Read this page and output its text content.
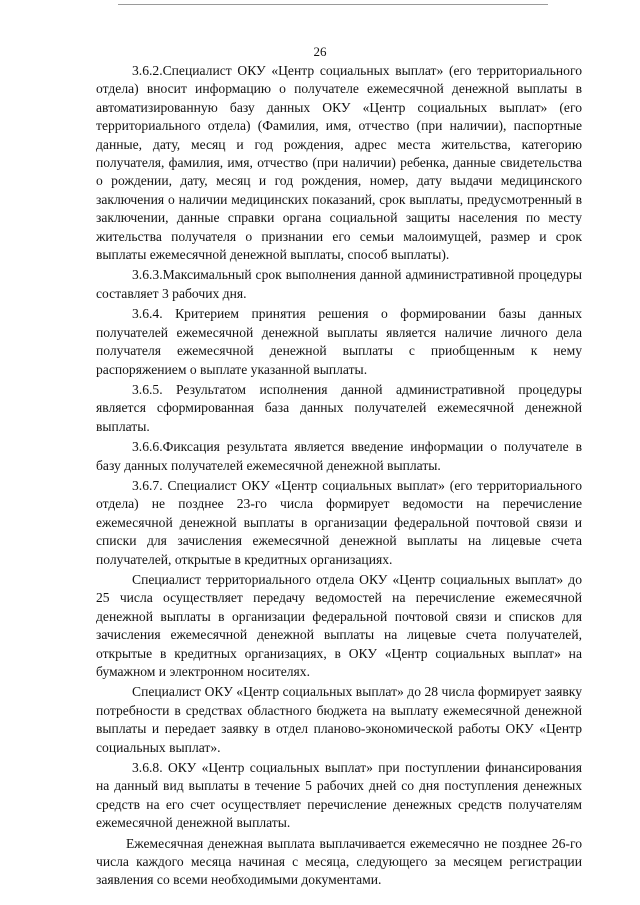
26

3.6.2.Специалист ОКУ «Центр социальных выплат» (его территориального отдела) вносит информацию о получателе ежемесячной денежной выплаты в автоматизированную базу данных ОКУ «Центр социальных выплат» (его территориального отдела) (Фамилия, имя, отчество (при наличии), паспортные данные, дату, месяц и год рождения, адрес места жительства, категорию получателя, фамилия, имя, отчество (при наличии) ребенка, данные свидетельства о рождении, дату, месяц и год рождения, номер, дату выдачи медицинского заключения о наличии медицинских показаний, срок выплаты, предусмотренный в заключении, данные справки органа социальной защиты населения по месту жительства получателя о признании его семьи малоимущей, размер и срок выплаты ежемесячной денежной выплаты, способ выплаты).

3.6.3.Максимальный срок выполнения данной административной процедуры составляет 3 рабочих дня.

3.6.4. Критерием принятия решения о формировании базы данных получателей ежемесячной денежной выплаты является наличие личного дела получателя ежемесячной денежной выплаты с приобщенным к нему распоряжением о выплате указанной выплаты.

3.6.5. Результатом исполнения данной административной процедуры является сформированная база данных получателей ежемесячной денежной выплаты.

3.6.6.Фиксация результата является введение информации о получателе в базу данных получателей ежемесячной денежной выплаты.

3.6.7. Специалист ОКУ «Центр социальных выплат» (его территориального отдела) не позднее 23-го числа формирует ведомости на перечисление ежемесячной денежной выплаты в организации федеральной почтовой связи и списки для зачисления ежемесячной денежной выплаты на лицевые счета получателей, открытые в кредитных организациях.

Специалист территориального отдела ОКУ «Центр социальных выплат» до 25 числа осуществляет передачу ведомостей на перечисление ежемесячной денежной выплаты в организации федеральной почтовой связи и списков для зачисления ежемесячной денежной выплаты на лицевые счета получателей, открытые в кредитных организациях, в ОКУ «Центр социальных выплат» на бумажном и электронном носителях.

Специалист ОКУ «Центр социальных выплат» до 28 числа формирует заявку потребности в средствах областного бюджета на выплату ежемесячной денежной выплаты и передает заявку в отдел планово-экономической работы ОКУ «Центр социальных выплат».

3.6.8. ОКУ «Центр социальных выплат» при поступлении финансирования на данный вид выплаты в течение 5 рабочих дней со дня поступления денежных средств на его счет осуществляет перечисление денежных средств получателям ежемесячной денежной выплаты.

Ежемесячная денежная выплата выплачивается ежемесячно не позднее 26-го числа каждого месяца начиная с месяца, следующего за месяцем регистрации заявления со всеми необходимыми документами.
